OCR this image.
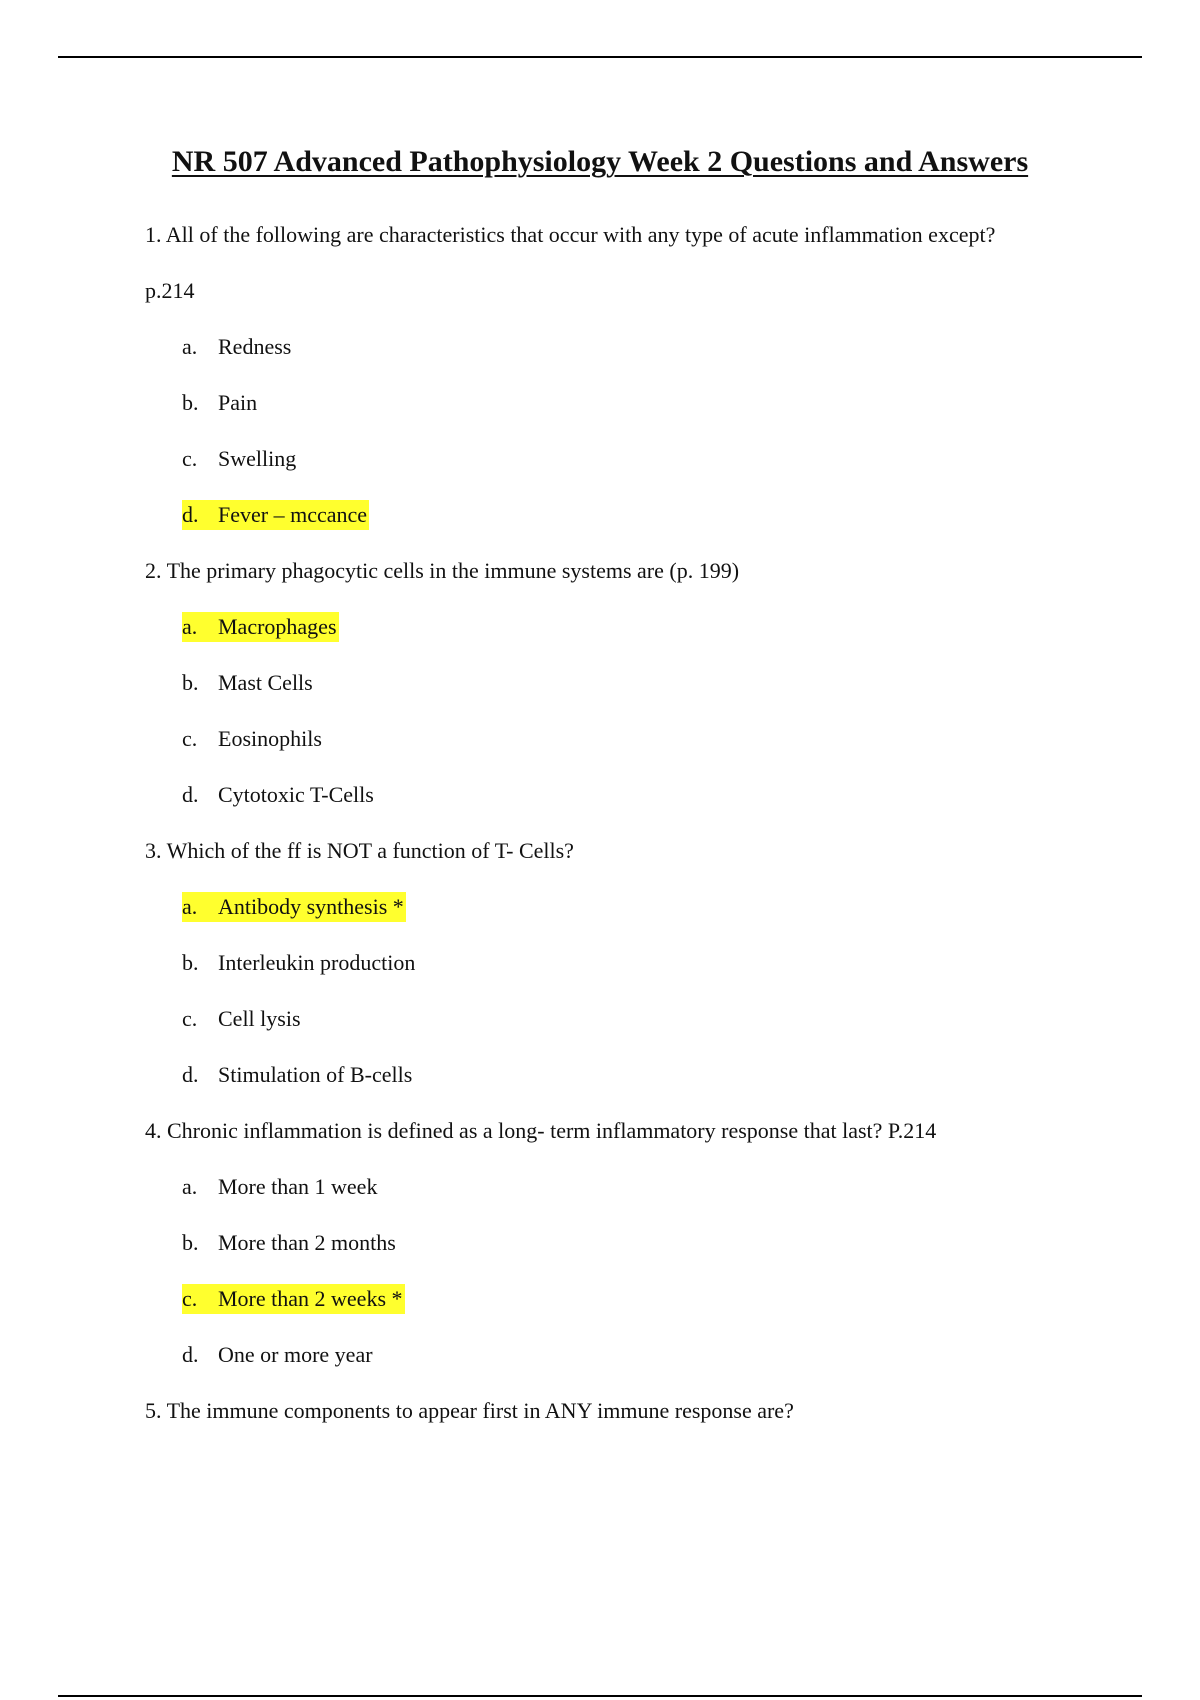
NR 507 Advanced Pathophysiology Week 2 Questions and Answers
1. All of the following are characteristics that occur with any type of acute inflammation except?
p.214
a. Redness
b. Pain
c. Swelling
d. Fever – mccance
2. The primary phagocytic cells in the immune systems are (p. 199)
a. Macrophages
b. Mast Cells
c. Eosinophils
d. Cytotoxic T-Cells
3. Which of the ff is NOT a function of T- Cells?
a. Antibody synthesis *
b. Interleukin production
c. Cell lysis
d. Stimulation of B-cells
4. Chronic inflammation is defined as a long- term inflammatory response that last? P.214
a. More than 1 week
b. More than 2 months
c. More than 2 weeks *
d. One or more year
5. The immune components to appear first in ANY immune response are?
